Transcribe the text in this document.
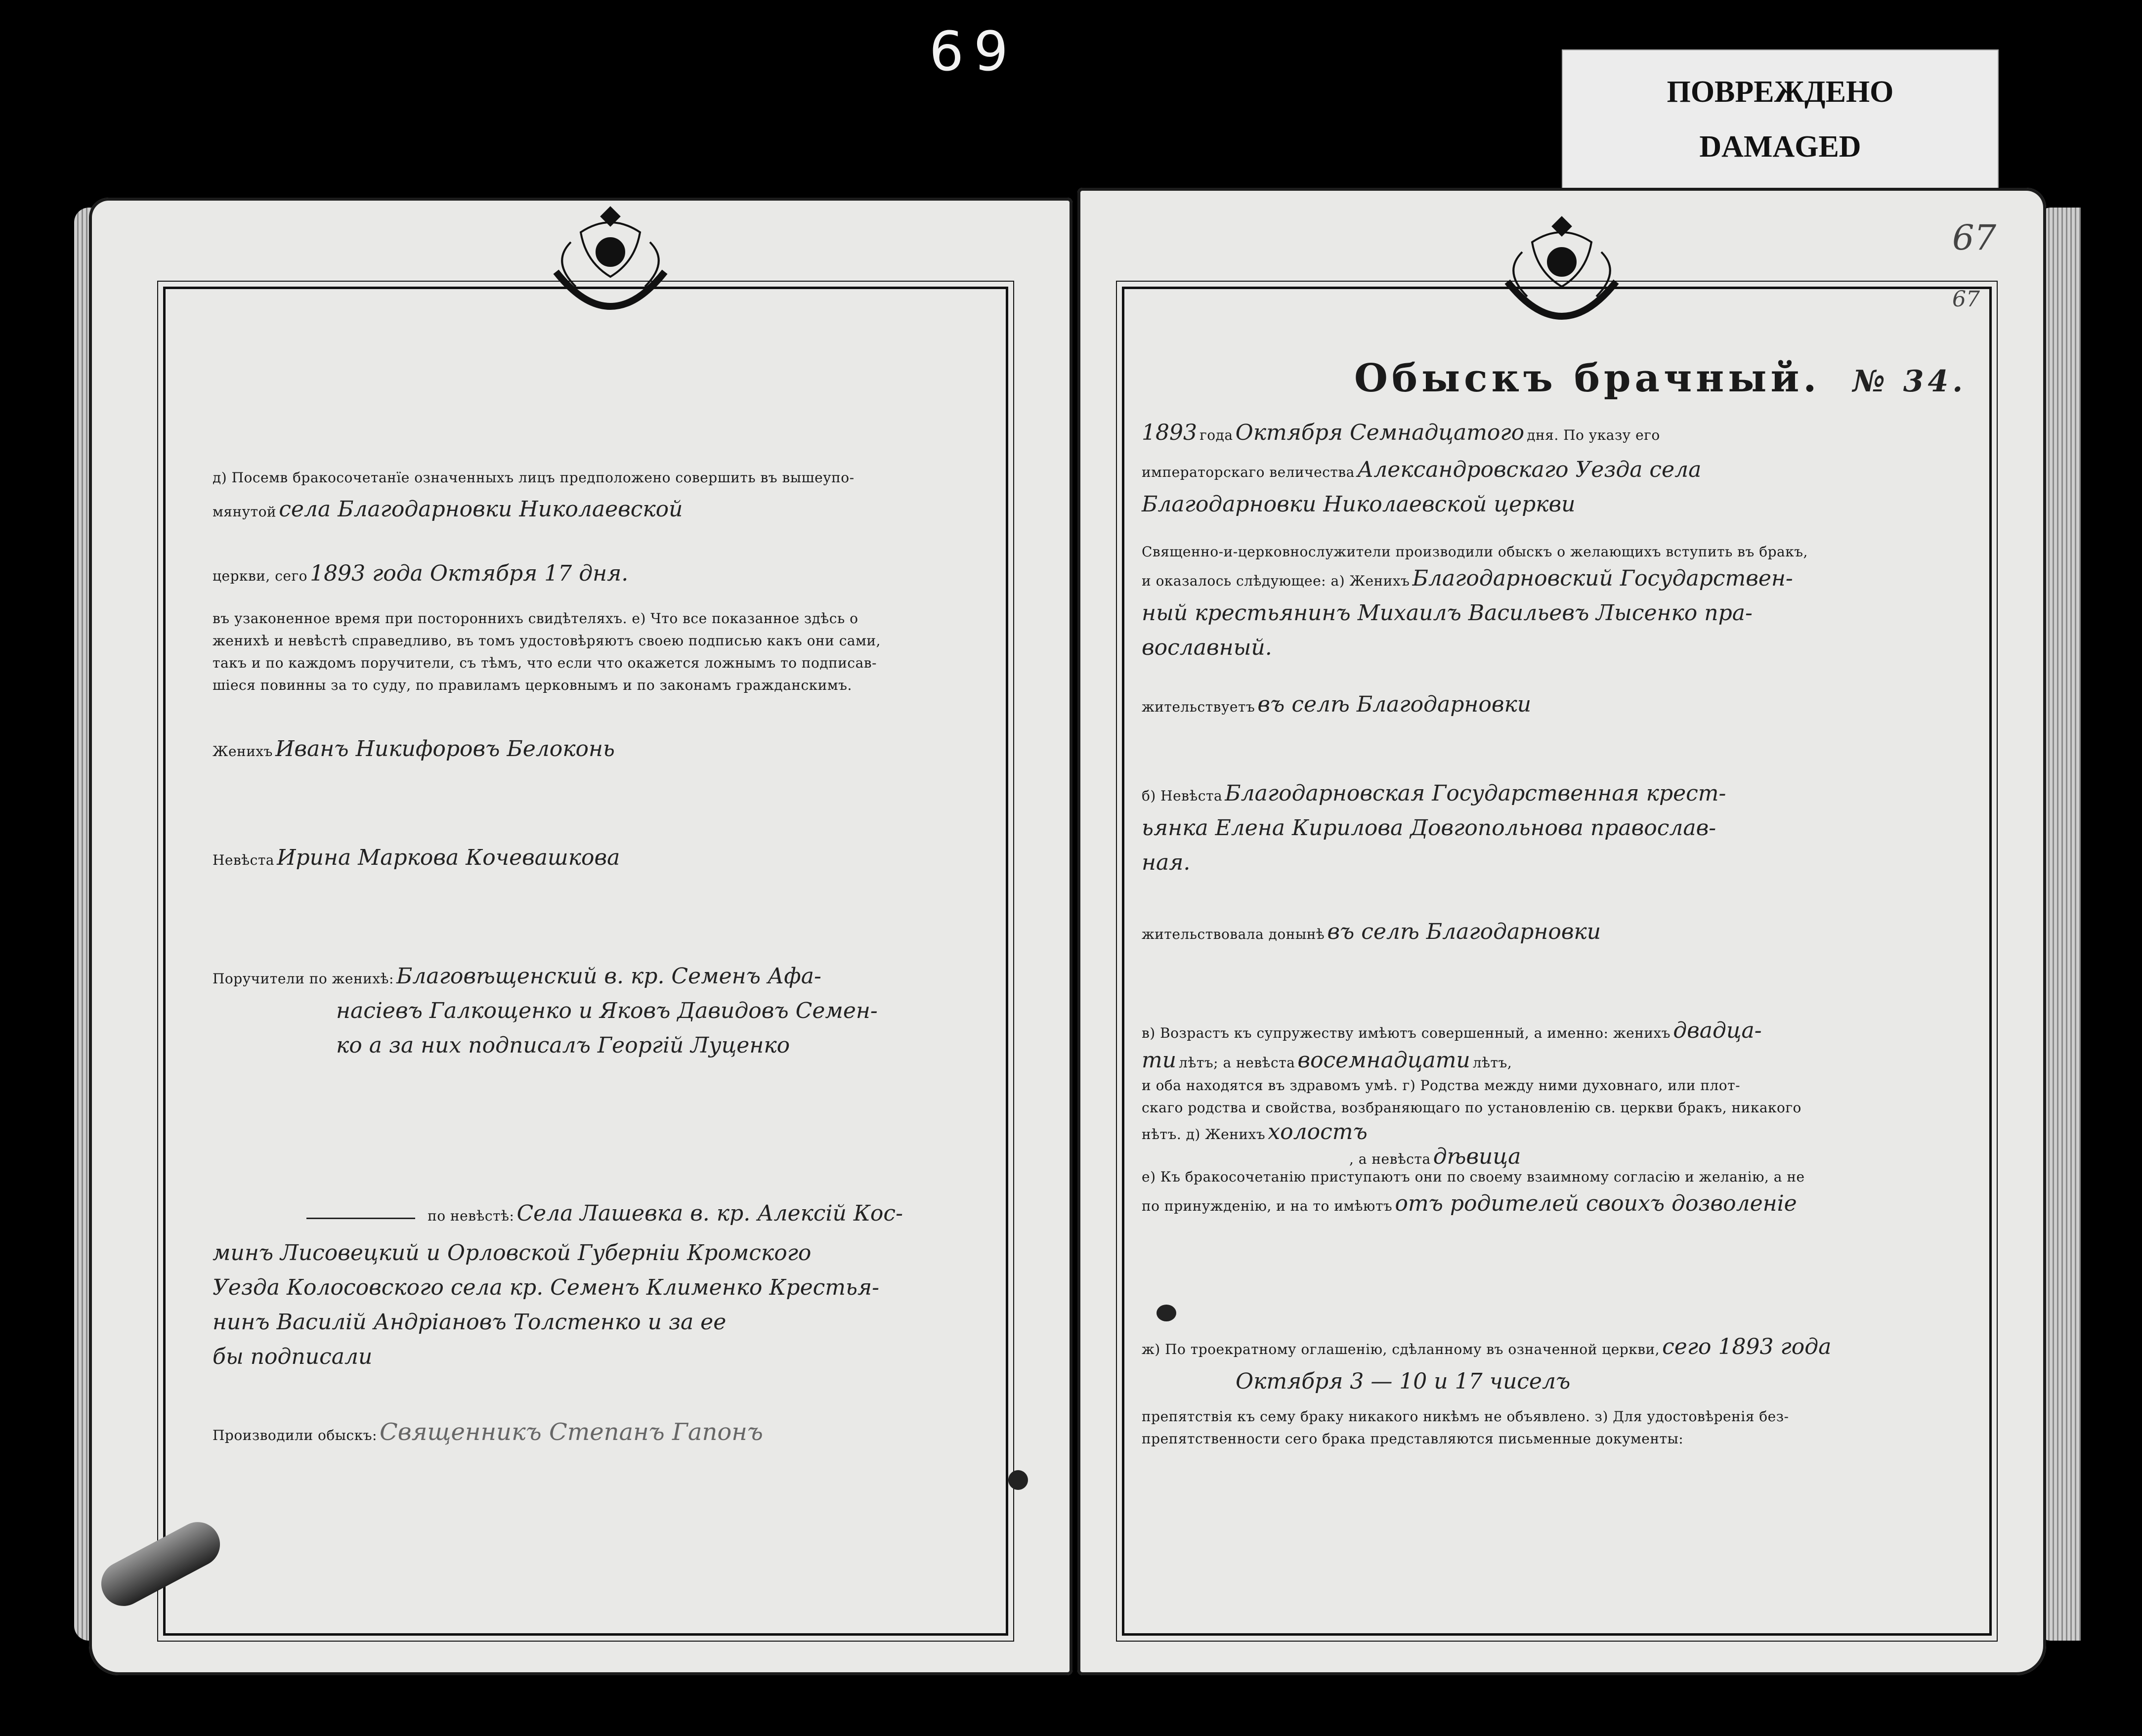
69
ПОВРЕЖДЕНО
DAMAGED
д) Посемв бракосочетанїе означенныхъ лицъ предположено совершить въ вышеупо-
мянутой села Благодарновки Николаевской
церкви, сего 1893 года Октября 17 дня.
въ узаконенное время при постороннихъ свидѣтеляхъ. е) Что все показанное здѣсь о
женихѣ и невѣстѣ справедливо, въ томъ удостовѣряютъ своею подписью какъ они сами,
такъ и по каждомъ поручители, съ тѣмъ, что если что окажется ложнымъ то подписав-
шiеся повинны за то суду, по правиламъ церковнымъ и по законамъ гражданскимъ.
Женихъ Иванъ Никифоровъ Белоконь
Невѣста Ирина Маркова Кочевашкова
Поручители по женихѣ: Благовѣщенский в. кр. Семенъ Афа-
насiевъ Галкощенко и Яковъ Давидовъ Семен-
ко а за них подписалъ Георгiй Луценко
по невѣстѣ: Села Лашевка в. кр. Алексiй Кос-
минъ Лисовецкий и Орловской Губернiи Кромского
Уезда Колосовского села кр. Семенъ Клименко Крестья-
нинъ Василiй Андрiановъ Толстенко и за ее
бы подписали
Производили обыскъ: Священникъ Степанъ Гапонъ
67
67
Обыскъ брачный. № 34.
1893 года Октября Семнадцатого дня. По указу его
императорскаго величества Александровскаго Уезда села
Благодарновки Николаевской церкви
Священно-и-церковнослужители производили обыскъ о желающихъ вступить въ бракъ,
и оказалось слѣдующее: а) Женихъ Благодарновский Государствен-
ный крестьянинъ Михаилъ Васильевъ Лысенко пра-
вославный.
жительствуетъ въ селѣ Благодарновки
б) Невѣста Благодарновская Государственная крест-
ьянка Елена Кирилова Довгопольнова православ-
ная.
жительствовала донынѣ въ селѣ Благодарновки
в) Возрастъ къ супружеству имѣютъ совершенный, а именно: женихъ двадца-
ти лѣтъ; а невѣста восемнадцати лѣтъ,
и оба находятся въ здравомъ умѣ. г) Родства между ними духовнаго, или плот-
скаго родства и свойства, возбраняющаго по установленiю св. церкви бракъ, никакого
нѣтъ. д) Женихъ холостъ
, а невѣста дѣвица
е) Къ бракосочетанiю приступаютъ они по своему взаимному согласiю и желанiю, а не
по принужденiю, и на то имѣютъ отъ родителей своихъ дозволенiе
ж) По троекратному оглашенiю, сдѣланному въ означенной церкви, сего 1893 года
Октября 3 — 10 и 17 чиселъ
препятствiя къ сему браку никакого никѣмъ не объявлено. з) Для удостовѣренiя без-
препятственности сего брака представляются письменные документы:
